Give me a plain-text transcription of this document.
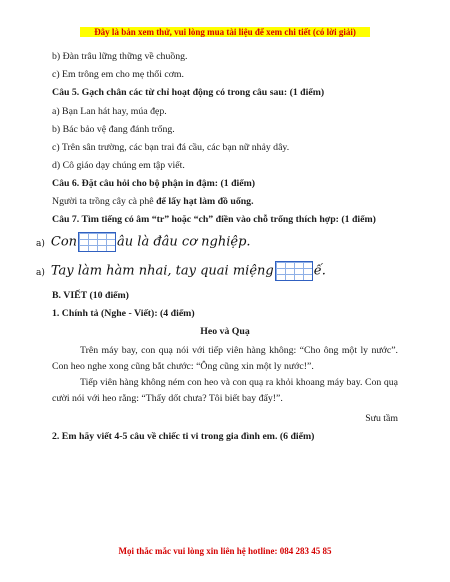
Đây là bản xem thử, vui lòng mua tài liệu để xem chi tiết (có lời giải)
b) Đàn trâu lững thững về chuồng.
c) Em trông em cho mẹ thổi cơm.
Câu 5. Gạch chân các từ chỉ hoạt động có trong câu sau: (1 điểm)
a) Bạn Lan hát hay, múa đẹp.
b) Bác bảo vệ đang đánh trống.
c) Trên sân trường, các bạn trai đá cầu, các bạn nữ nhảy dây.
d) Cô giáo dạy chúng em tập viết.
Câu 6. Đặt câu hỏi cho bộ phận in đậm: (1 điểm)
Người ta trồng cây cà phê để lấy hạt làm đồ uống.
Câu 7. Tìm tiếng có âm “tr” hoặc “ch” điền vào chỗ trống thích hợp: (1 điểm)
a) Con	âu là đâu cơ nghiệp.
a) Tay làm hàm nhai, tay quai miệng	ế.
B. VIẾT (10 điểm)
1. Chính tả (Nghe - Viết): (4 điểm)
Heo và Quạ
Trên máy bay, con quạ nói với tiếp viên hàng không: “Cho ông một ly nước”. Con heo nghe xong cũng bắt chước: “Ông cũng xin một ly nước!”.
Tiếp viên hàng không ném con heo và con quạ ra khỏi khoang máy bay. Con quạ cười nói với heo rằng: “Thấy dốt chưa? Tôi biết bay đấy!”.
Sưu tầm
2. Em hãy viết 4-5 câu về chiếc ti vi trong gia đình em. (6 điểm)
Mọi thắc mắc vui lòng xin liên hệ hotline: 084 283 45 85
